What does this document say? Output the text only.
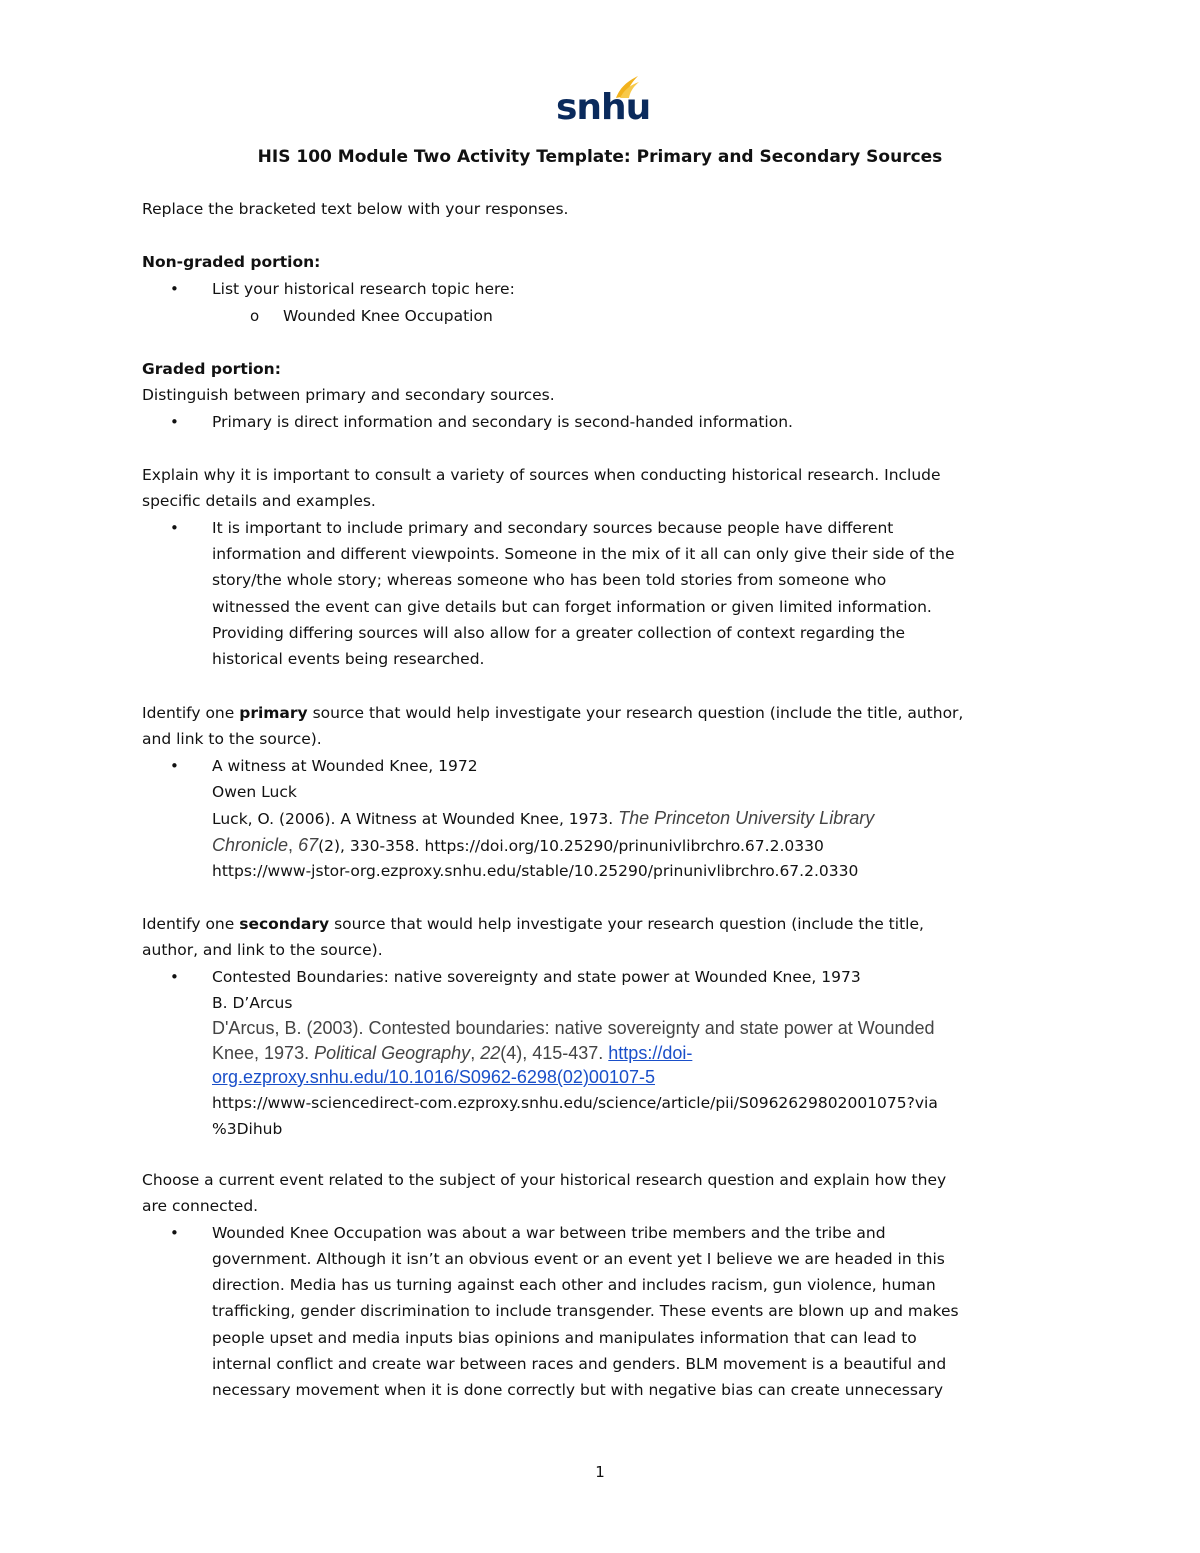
snhu
HIS 100 Module Two Activity Template: Primary and Secondary Sources
Replace the bracketed text below with your responses.
Non-graded portion:
• List your historical research topic here:
o Wounded Knee Occupation
Graded portion:
Distinguish between primary and secondary sources.
• Primary is direct information and secondary is second-handed information.
Explain why it is important to consult a variety of sources when conducting historical research. Include
specific details and examples.
• It is important to include primary and secondary sources because people have different
information and different viewpoints. Someone in the mix of it all can only give their side of the
story/the whole story; whereas someone who has been told stories from someone who
witnessed the event can give details but can forget information or given limited information.
Providing differing sources will also allow for a greater collection of context regarding the
historical events being researched.
Identify one primary source that would help investigate your research question (include the title, author,
and link to the source).
• A witness at Wounded Knee, 1972
Owen Luck
Luck, O. (2006). A Witness at Wounded Knee, 1973. The Princeton University Library
Chronicle, 67(2), 330-358. https://doi.org/10.25290/prinunivlibrchro.67.2.0330
https://www-jstor-org.ezproxy.snhu.edu/stable/10.25290/prinunivlibrchro.67.2.0330
Identify one secondary source that would help investigate your research question (include the title,
author, and link to the source).
• Contested Boundaries: native sovereignty and state power at Wounded Knee, 1973
B. D’Arcus
D'Arcus, B. (2003). Contested boundaries: native sovereignty and state power at Wounded
Knee, 1973. Political Geography, 22(4), 415-437. https://doi-
org.ezproxy.snhu.edu/10.1016/S0962-6298(02)00107-5
https://www-sciencedirect-com.ezproxy.snhu.edu/science/article/pii/S0962629802001075?via
%3Dihub
Choose a current event related to the subject of your historical research question and explain how they
are connected.
• Wounded Knee Occupation was about a war between tribe members and the tribe and
government. Although it isn’t an obvious event or an event yet I believe we are headed in this
direction. Media has us turning against each other and includes racism, gun violence, human
trafficking, gender discrimination to include transgender. These events are blown up and makes
people upset and media inputs bias opinions and manipulates information that can lead to
internal conflict and create war between races and genders. BLM movement is a beautiful and
necessary movement when it is done correctly but with negative bias can create unnecessary
1
